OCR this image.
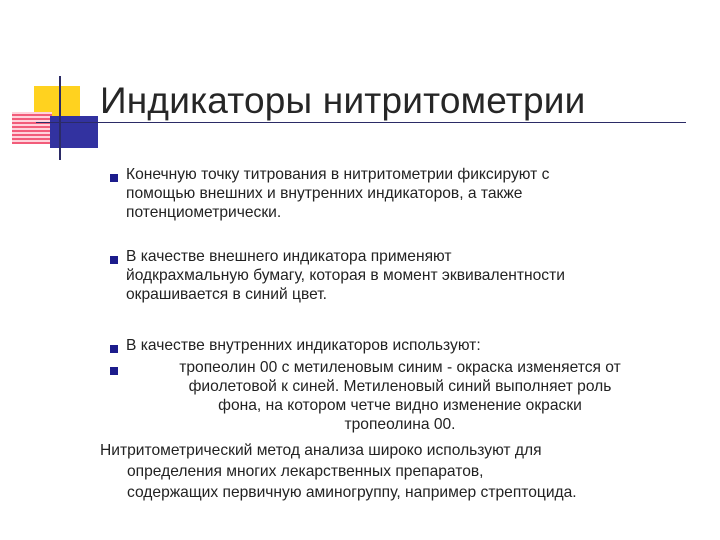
Индикаторы нитритометрии
Конечную точку титрования в нитритометрии фиксируют с
помощью внешних и внутренних индикаторов, а также
потенциометрически.
В качестве внешнего индикатора применяют
йодкрахмальную бумагу, которая в момент эквивалентности
окрашивается в синий цвет.
В качестве внутренних индикаторов используют:
тропеолин 00 с метиленовым синим - окраска изменяется от
фиолетовой к синей. Метиленовый синий выполняет роль
фона, на котором четче видно изменение окраски
тропеолина 00.
Нитритометрический метод анализа широко используют для
определения многих лекарственных препаратов,
содержащих первичную аминогруппу, например стрептоцида.
